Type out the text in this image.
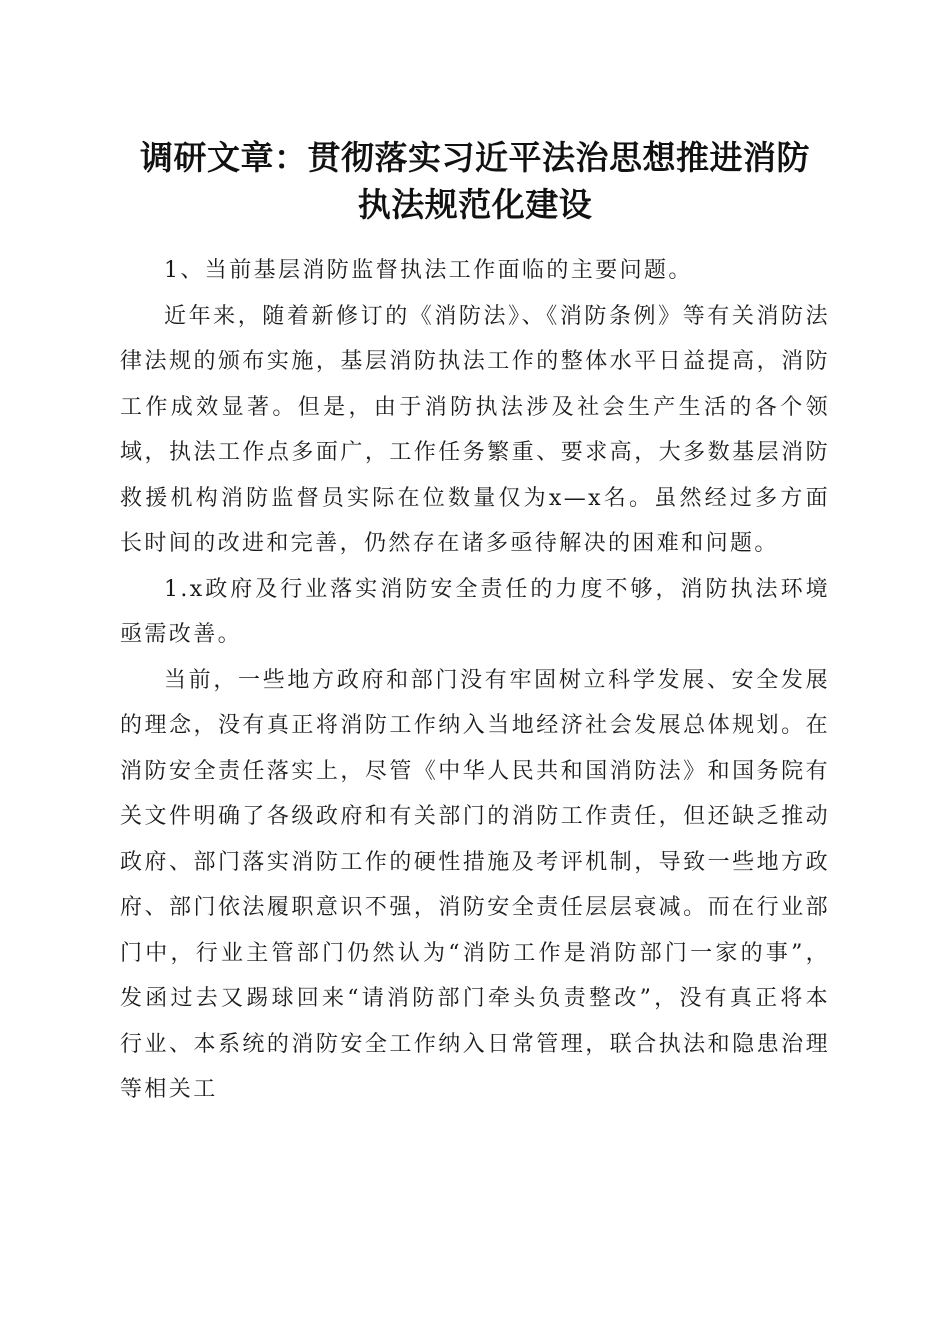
调研文章：贯彻落实习近平法治思想推进消防
执法规范化建设

1、当前基层消防监督执法工作面临的主要问题。

近年来，随着新修订的《消防法》、《消防条例》等有关消防法律法规的颁布实施，基层消防执法工作的整体水平日益提高，消防工作成效显著。但是，由于消防执法涉及社会生产生活的各个领域，执法工作点多面广，工作任务繁重、要求高，大多数基层消防救援机构消防监督员实际在位数量仅为x—x名。虽然经过多方面长时间的改进和完善，仍然存在诸多亟待解决的困难和问题。

1.x政府及行业落实消防安全责任的力度不够，消防执法环境亟需改善。

当前，一些地方政府和部门没有牢固树立科学发展、安全发展的理念，没有真正将消防工作纳入当地经济社会发展总体规划。在消防安全责任落实上，尽管《中华人民共和国消防法》和国务院有关文件明确了各级政府和有关部门的消防工作责任，但还缺乏推动政府、部门落实消防工作的硬性措施及考评机制，导致一些地方政府、部门依法履职意识不强，消防安全责任层层衰减。而在行业部门中，行业主管部门仍然认为“消防工作是消防部门一家的事”，发函过去又踢球回来“请消防部门牵头负责整改”，没有真正将本行业、本系统的消防安全工作纳入日常管理，联合执法和隐患治理等相关工
